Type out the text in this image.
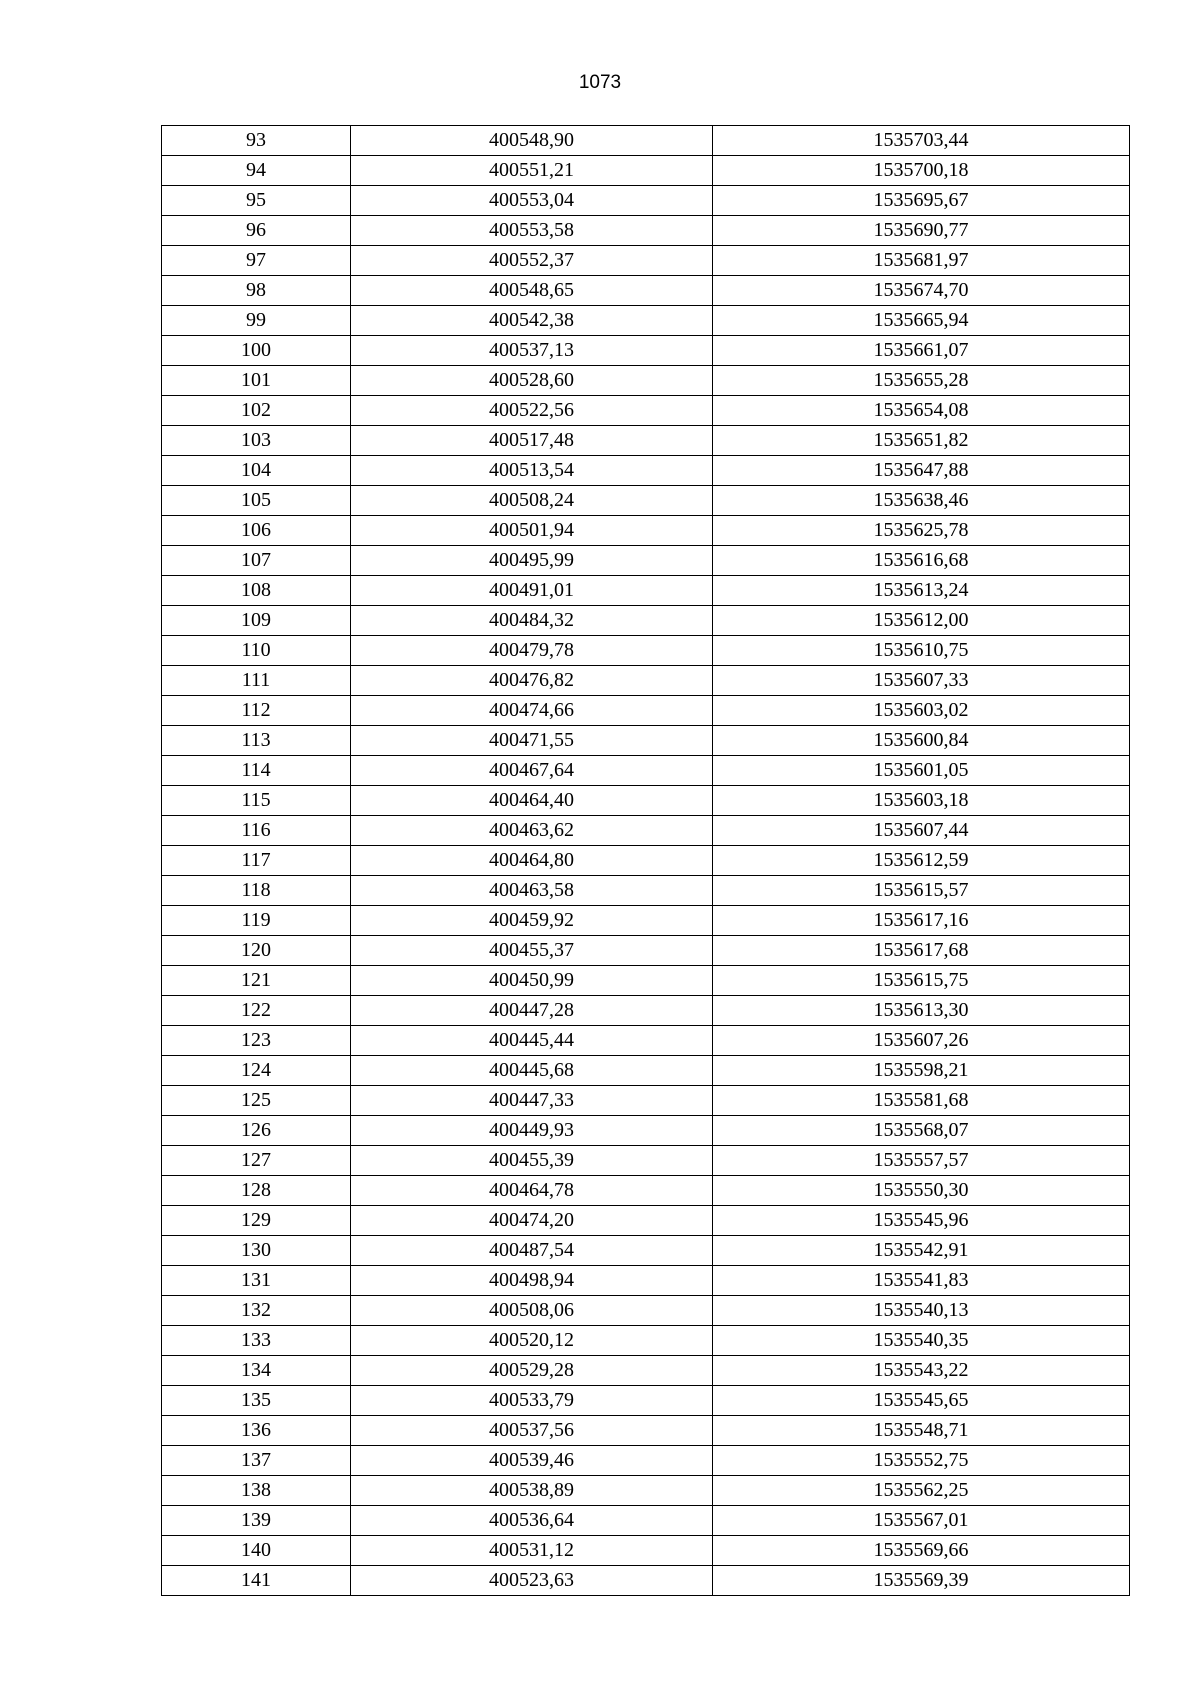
1073
93	400548,90	1535703,44
94	400551,21	1535700,18
95	400553,04	1535695,67
96	400553,58	1535690,77
97	400552,37	1535681,97
98	400548,65	1535674,70
99	400542,38	1535665,94
100	400537,13	1535661,07
101	400528,60	1535655,28
102	400522,56	1535654,08
103	400517,48	1535651,82
104	400513,54	1535647,88
105	400508,24	1535638,46
106	400501,94	1535625,78
107	400495,99	1535616,68
108	400491,01	1535613,24
109	400484,32	1535612,00
110	400479,78	1535610,75
111	400476,82	1535607,33
112	400474,66	1535603,02
113	400471,55	1535600,84
114	400467,64	1535601,05
115	400464,40	1535603,18
116	400463,62	1535607,44
117	400464,80	1535612,59
118	400463,58	1535615,57
119	400459,92	1535617,16
120	400455,37	1535617,68
121	400450,99	1535615,75
122	400447,28	1535613,30
123	400445,44	1535607,26
124	400445,68	1535598,21
125	400447,33	1535581,68
126	400449,93	1535568,07
127	400455,39	1535557,57
128	400464,78	1535550,30
129	400474,20	1535545,96
130	400487,54	1535542,91
131	400498,94	1535541,83
132	400508,06	1535540,13
133	400520,12	1535540,35
134	400529,28	1535543,22
135	400533,79	1535545,65
136	400537,56	1535548,71
137	400539,46	1535552,75
138	400538,89	1535562,25
139	400536,64	1535567,01
140	400531,12	1535569,66
141	400523,63	1535569,39
